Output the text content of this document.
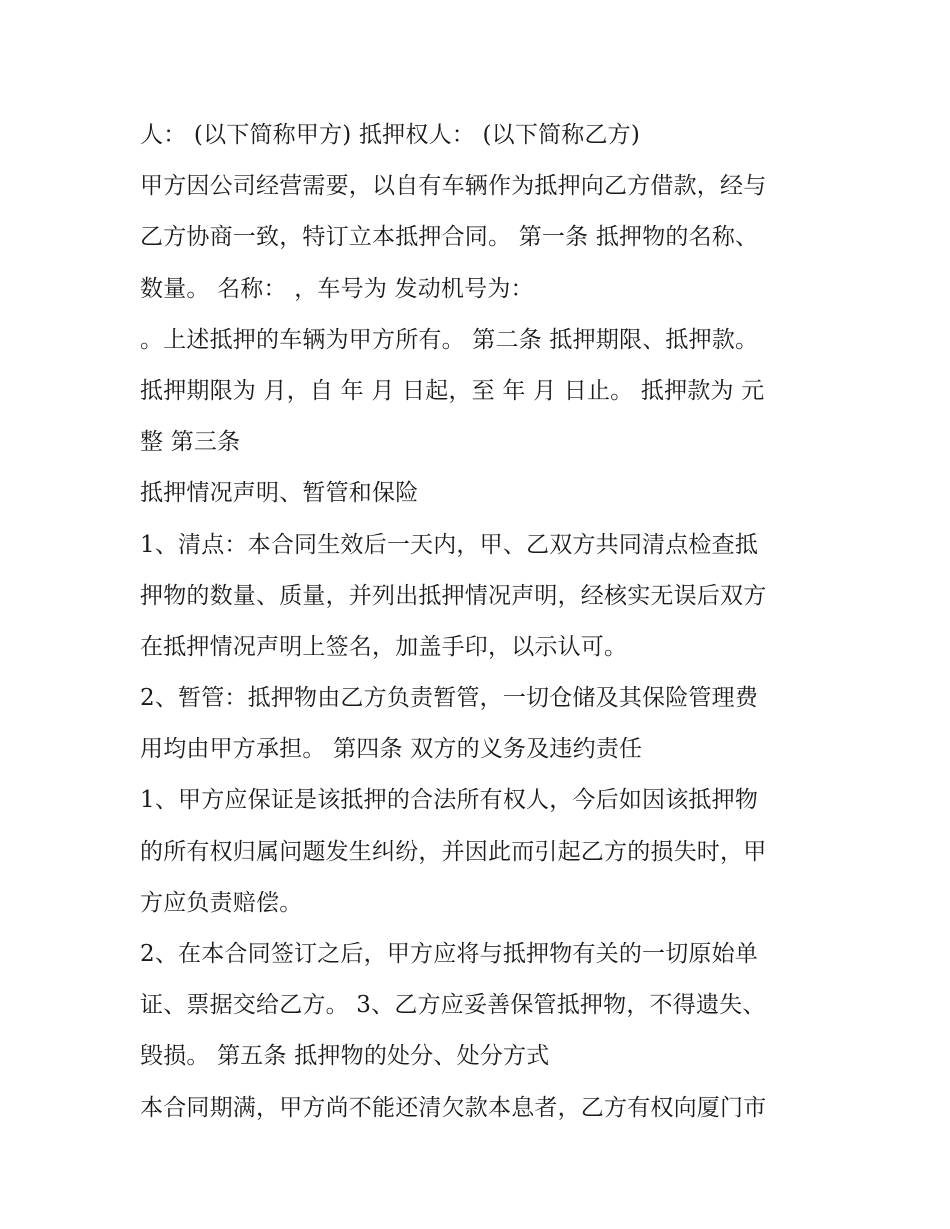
人： (以下简称甲方) 抵押权人： (以下简称乙方)
甲方因公司经营需要，以自有车辆作为抵押向乙方借款，经与
乙方协商一致，特订立本抵押合同。 第一条 抵押物的名称、
数量。 名称： ，车号为 发动机号为：
。上述抵押的车辆为甲方所有。 第二条 抵押期限、抵押款。
抵押期限为 月，自 年 月 日起，至 年 月 日止。 抵押款为 元
整 第三条
抵押情况声明、暂管和保险
1、清点：本合同生效后一天内，甲、乙双方共同清点检查抵
押物的数量、质量，并列出抵押情况声明，经核实无误后双方
在抵押情况声明上签名，加盖手印，以示认可。
2、暂管：抵押物由乙方负责暂管，一切仓储及其保险管理费
用均由甲方承担。 第四条 双方的义务及违约责任
1、甲方应保证是该抵押的合法所有权人，今后如因该抵押物
的所有权归属问题发生纠纷，并因此而引起乙方的损失时，甲
方应负责赔偿。
2、在本合同签订之后，甲方应将与抵押物有关的一切原始单
证、票据交给乙方。 3、乙方应妥善保管抵押物，不得遗失、
毁损。 第五条 抵押物的处分、处分方式
本合同期满，甲方尚不能还清欠款本息者，乙方有权向厦门市
